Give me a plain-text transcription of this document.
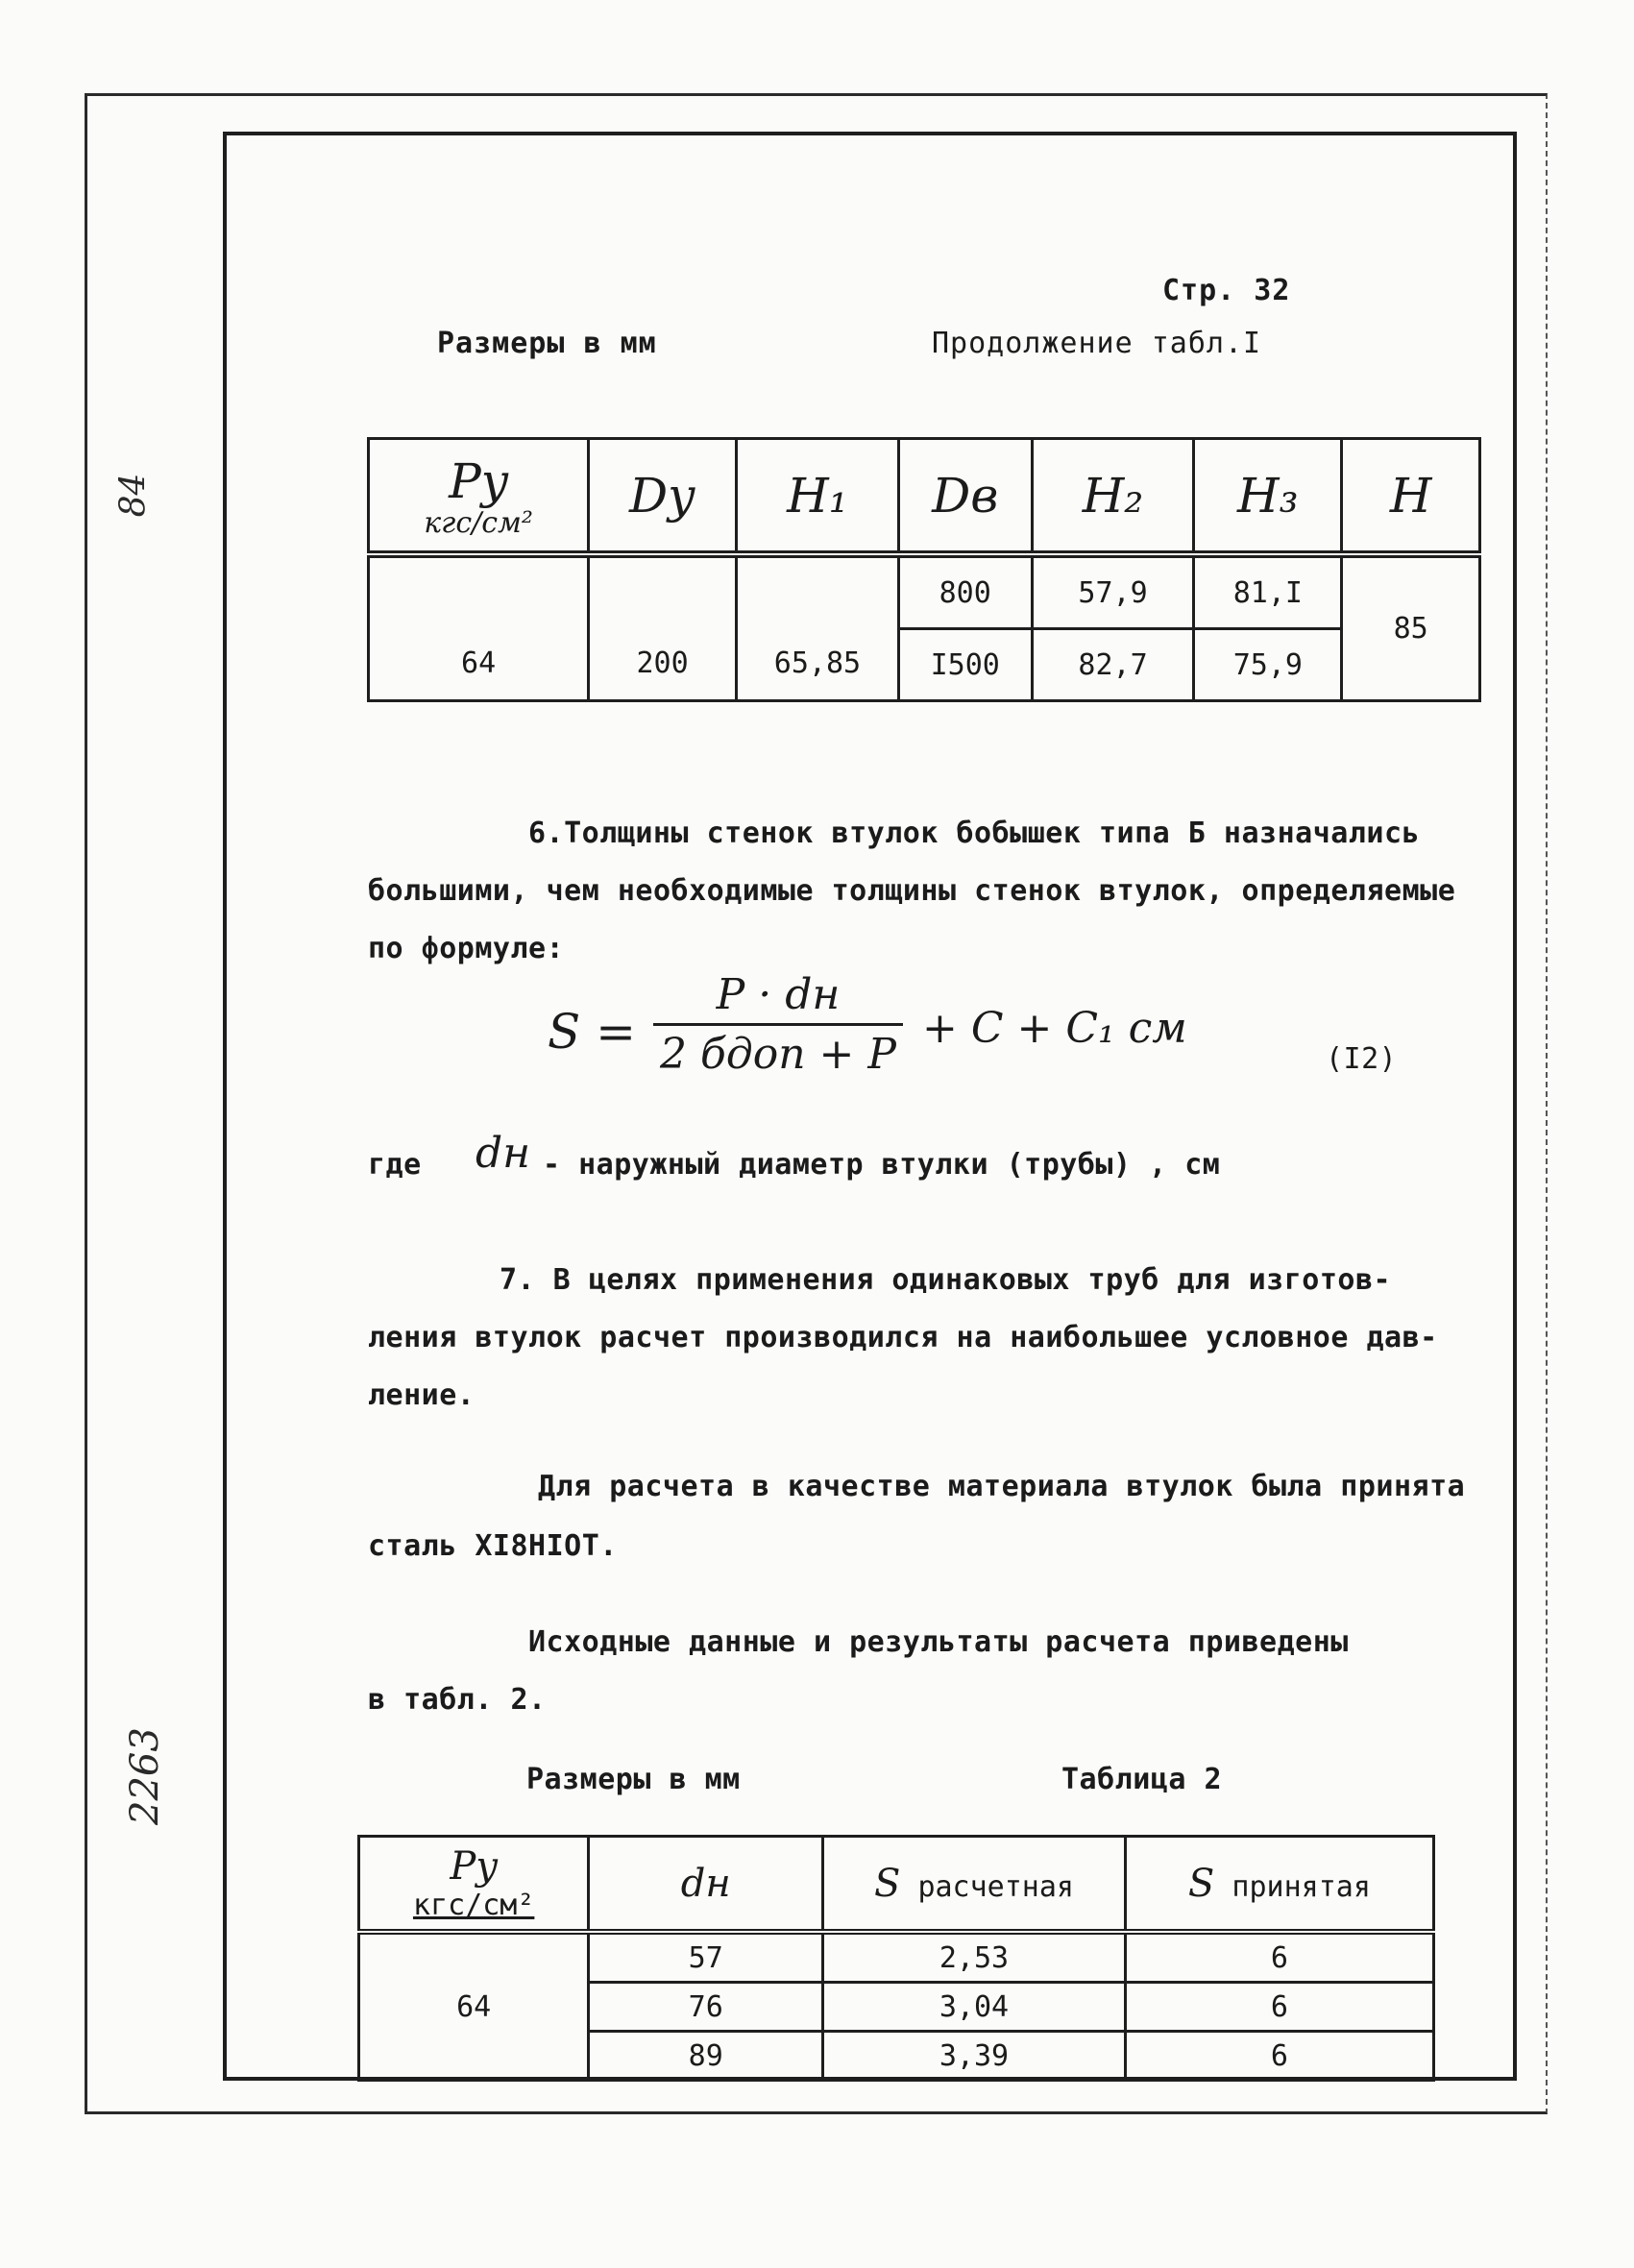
84
2263
Стр. 32
Размеры в мм	Продолжение табл.I
Py
кгс/см²	Dу	H₁	Dв	H₂	H₃	H
64	200	65,85	800	57,9	81,I	85
			I500	82,7	75,9	
6.Толщины стенок втулок бобышек типа Б назначались
большими, чем необходимые толщины стенок втулок, определяемые
по формуле:
S =
P · dн
2 бдоп + P
+ C + C₁ см
(I2)
где dн - наружный диаметр втулки (трубы) , см
7. В целях применения одинаковых труб для изготов-
ления втулок расчет производился на наибольшее условное дав-
ление.
Для расчета в качестве материала втулок была принята
сталь XI8HIOT.
Исходные данные и результаты расчета приведены
в табл. 2.
Размеры в мм	Таблица 2
Py
кгс/см²	dн	S расчетная	S принятая
64	57	2,53	6
	76	3,04	6
	89	3,39	6
